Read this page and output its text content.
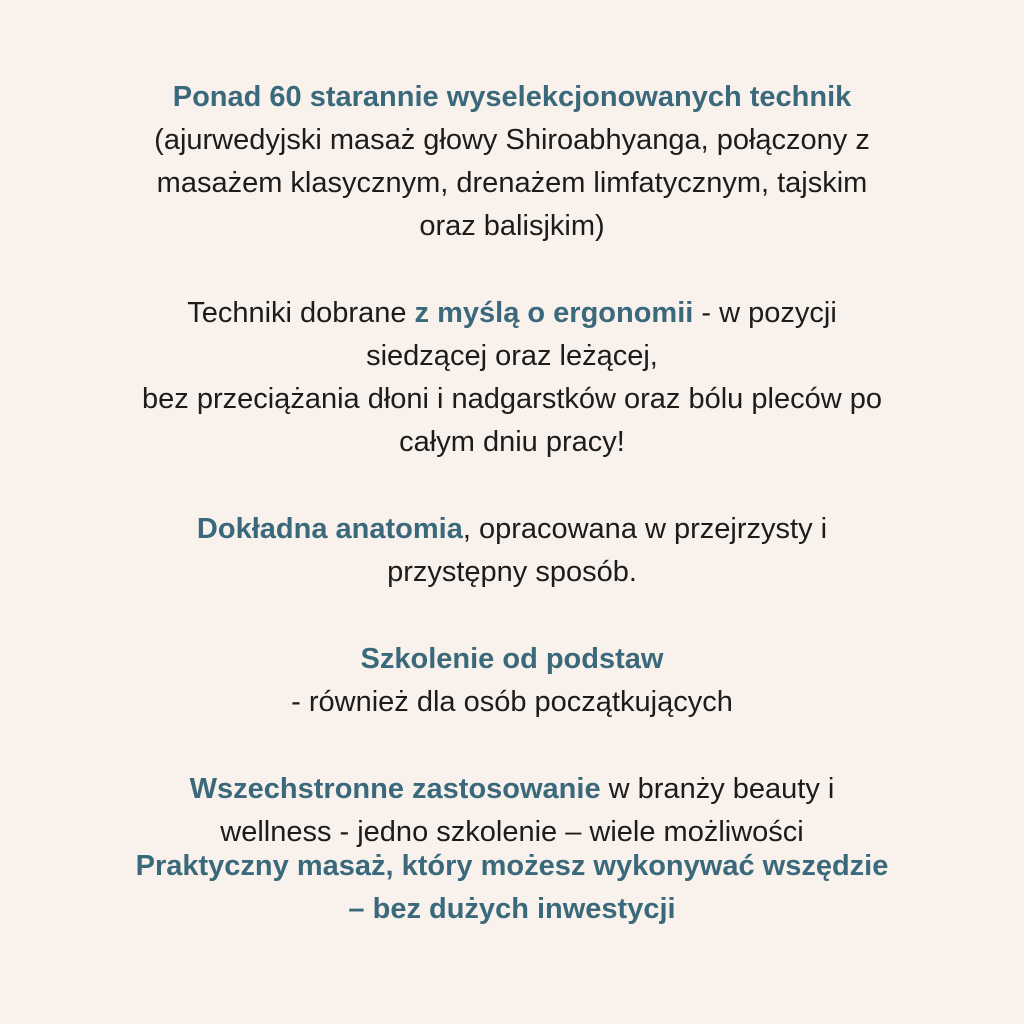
Ponad 60 starannie wyselekcjonowanych technik
(ajurwedyjski masaż głowy Shiroabhyanga, połączony z
masażem klasycznym, drenażem limfatycznym, tajskim
oraz balisjkim)

Techniki dobrane z myślą o ergonomii - w pozycji
siedzącej oraz leżącej,
bez przeciążania dłoni i nadgarstków oraz bólu pleców po
całym dniu pracy!

Dokładna anatomia, opracowana w przejrzysty i
przystępny sposób.

Szkolenie od podstaw
- również dla osób początkujących

Wszechstronne zastosowanie w branży beauty i
wellness - jedno szkolenie – wiele możliwości

Praktyczny masaż, który możesz wykonywać wszędzie
– bez dużych inwestycji
